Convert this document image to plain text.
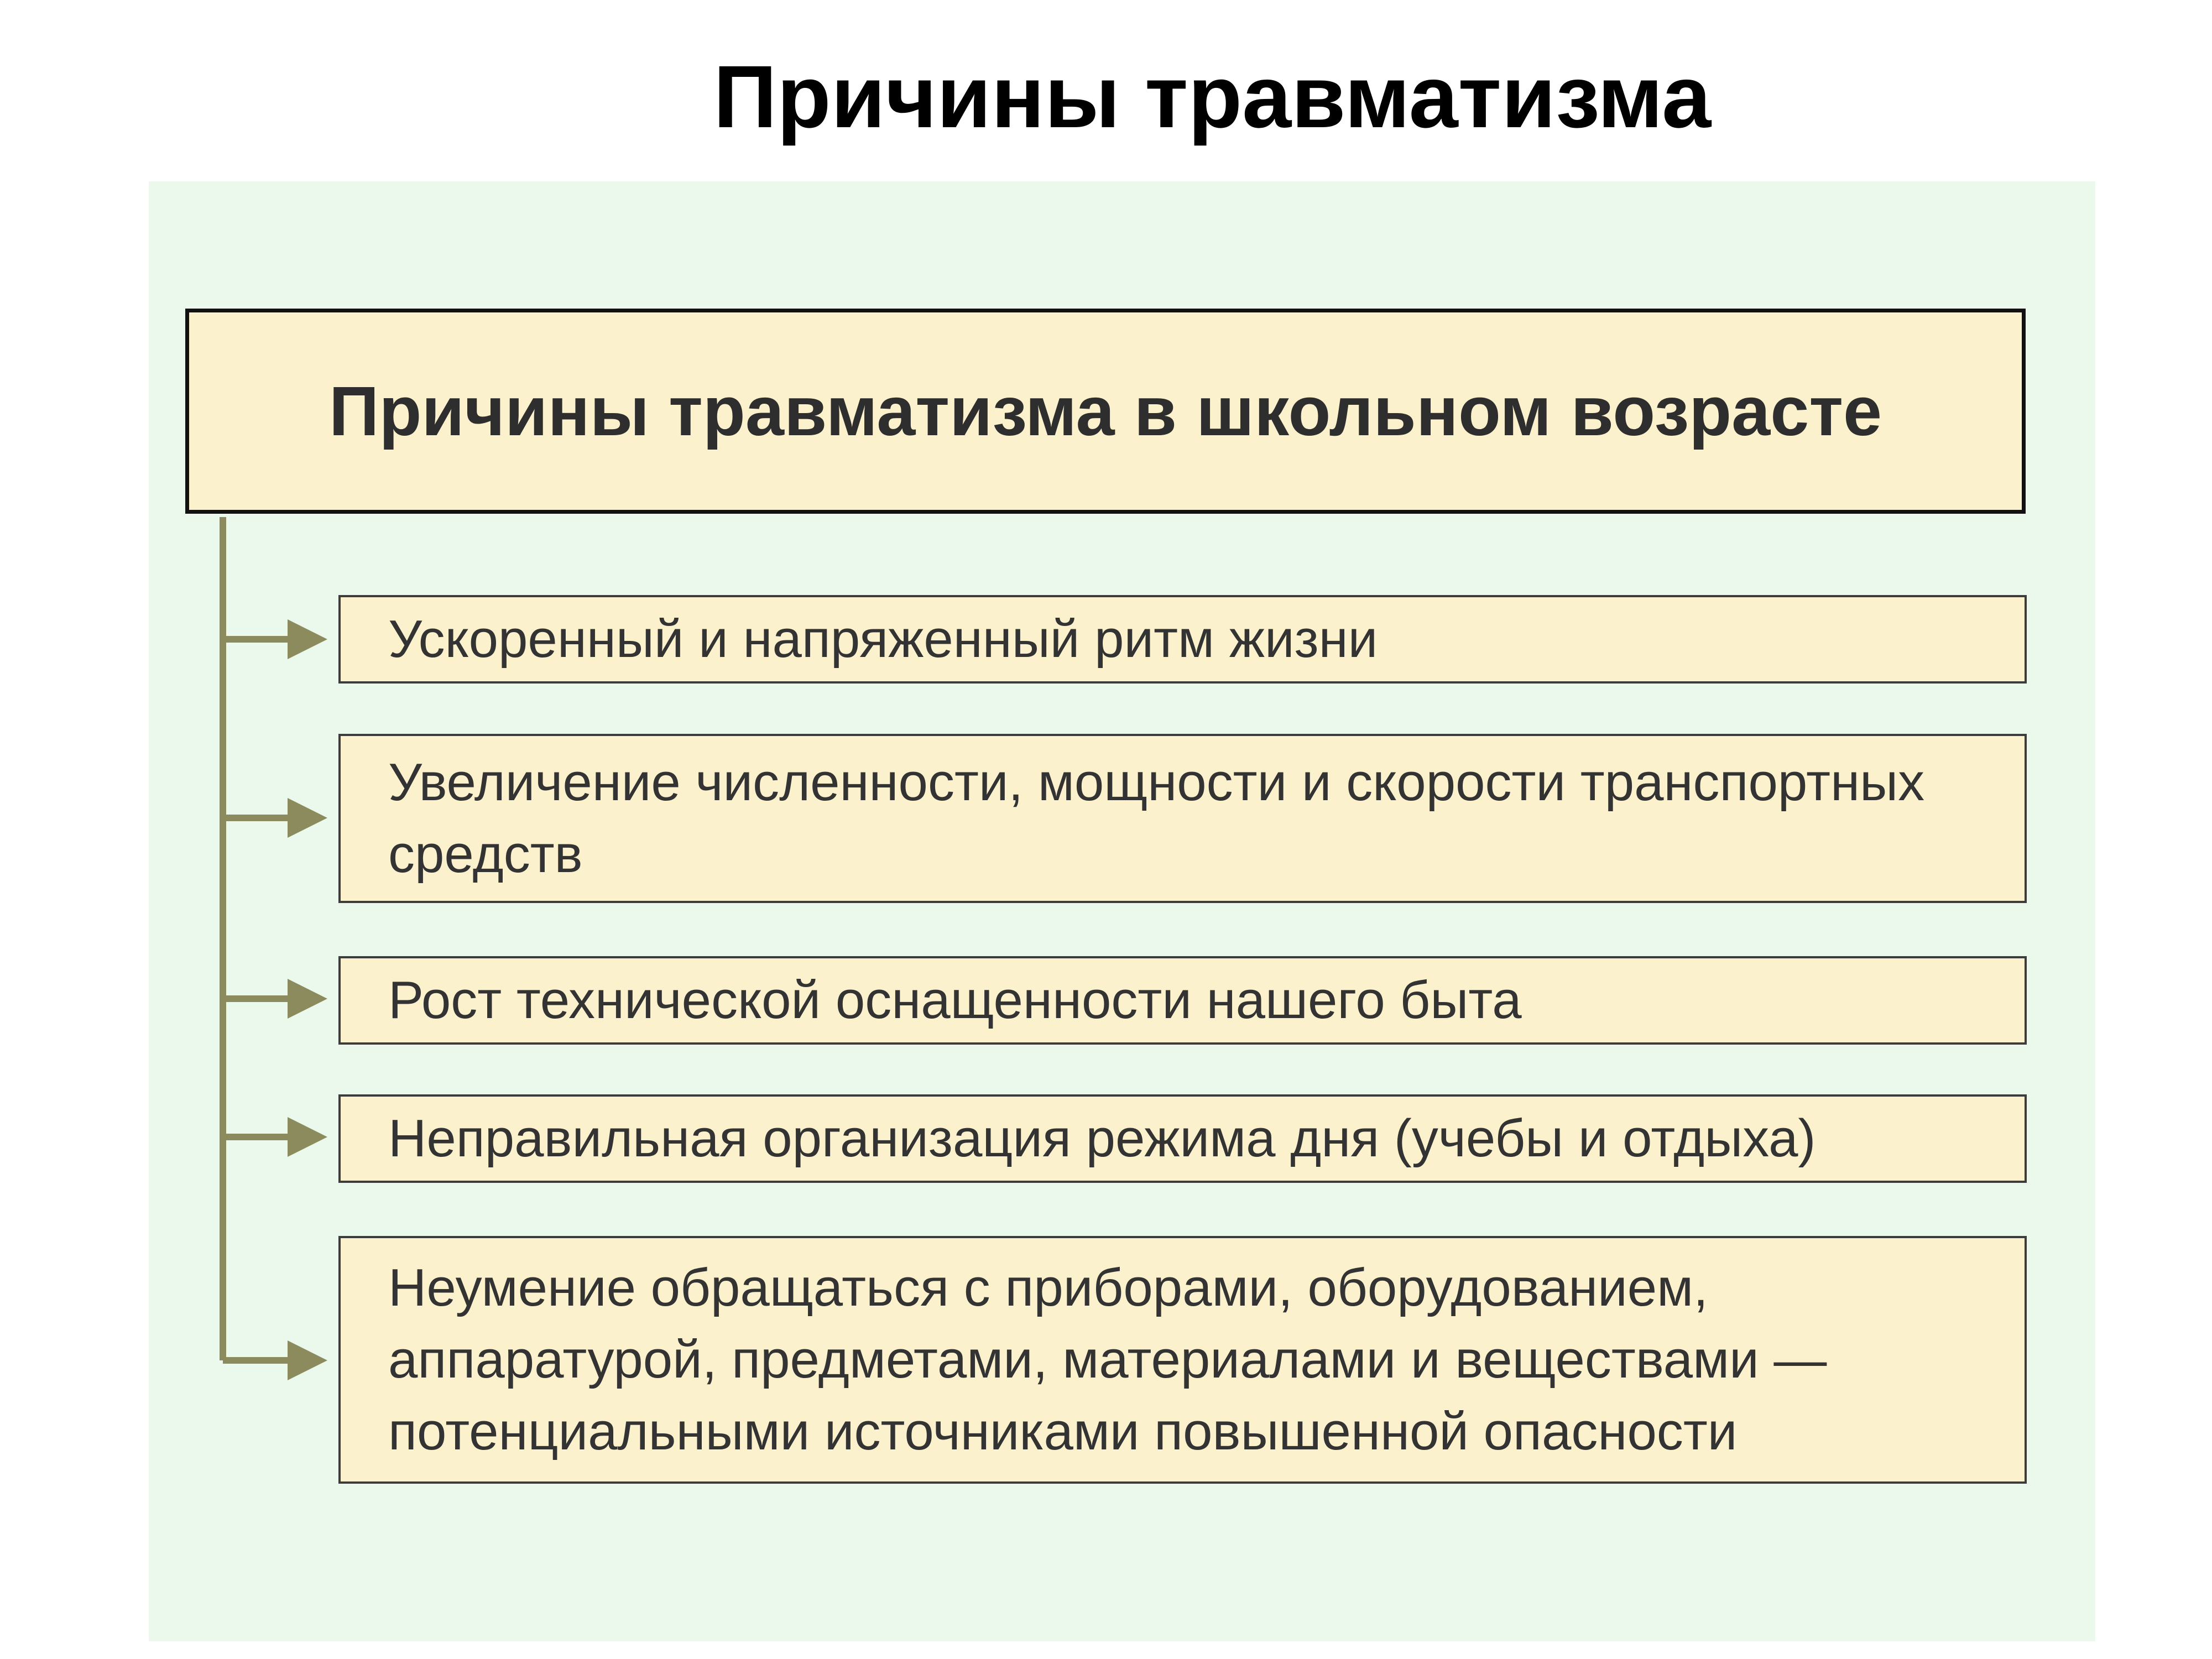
Причины травматизма
Причины травматизма в школьном возрасте
Ускоренный и напряженный ритм жизни
Увеличение численности, мощности и скорости транспортных средств
Рост технической оснащенности нашего быта
Неправильная организация режима дня (учебы и отдыха)
Неумение обращаться с приборами, оборудованием, аппаратурой, предметами, материалами и веществами — потенциальными источниками повышенной опасности
